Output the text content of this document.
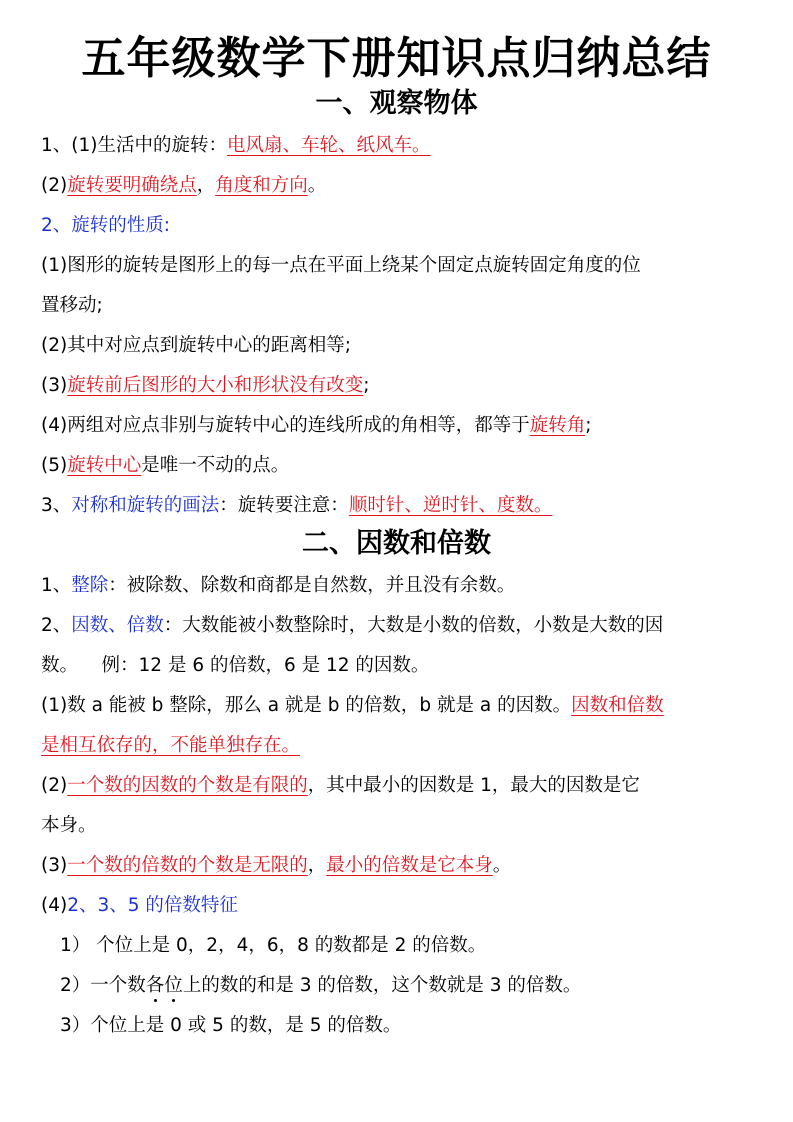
五年级数学下册知识点归纳总结
一、观察物体
1、(1)生活中的旋转：电风扇、车轮、纸风车。
(2)旋转要明确绕点，角度和方向。
2、旋转的性质:
(1)图形的旋转是图形上的每一点在平面上绕某个固定点旋转固定角度的位
置移动;
(2)其中对应点到旋转中心的距离相等;
(3)旋转前后图形的大小和形状没有改变;
(4)两组对应点非别与旋转中心的连线所成的角相等，都等于旋转角;
(5)旋转中心是唯一不动的点。
3、对称和旋转的画法：旋转要注意：顺时针、逆时针、度数。
二、因数和倍数
1、整除：被除数、除数和商都是自然数，并且没有余数。
2、因数、倍数：大数能被小数整除时，大数是小数的倍数，小数是大数的因
数。    例：12 是 6 的倍数，6 是 12 的因数。
(1)数 a 能被 b 整除，那么 a 就是 b 的倍数，b 就是 a 的因数。因数和倍数
是相互依存的，不能单独存在。
(2)一个数的因数的个数是有限的，其中最小的因数是 1，最大的因数是它
本身。
(3)一个数的倍数的个数是无限的，最小的倍数是它本身。
(4)2、3、5 的倍数特征
1） 个位上是 0，2，4，6，8 的数都是 2 的倍数。
2）一个数各位上的数的和是 3 的倍数，这个数就是 3 的倍数。
3）个位上是 0 或 5 的数，是 5 的倍数。
